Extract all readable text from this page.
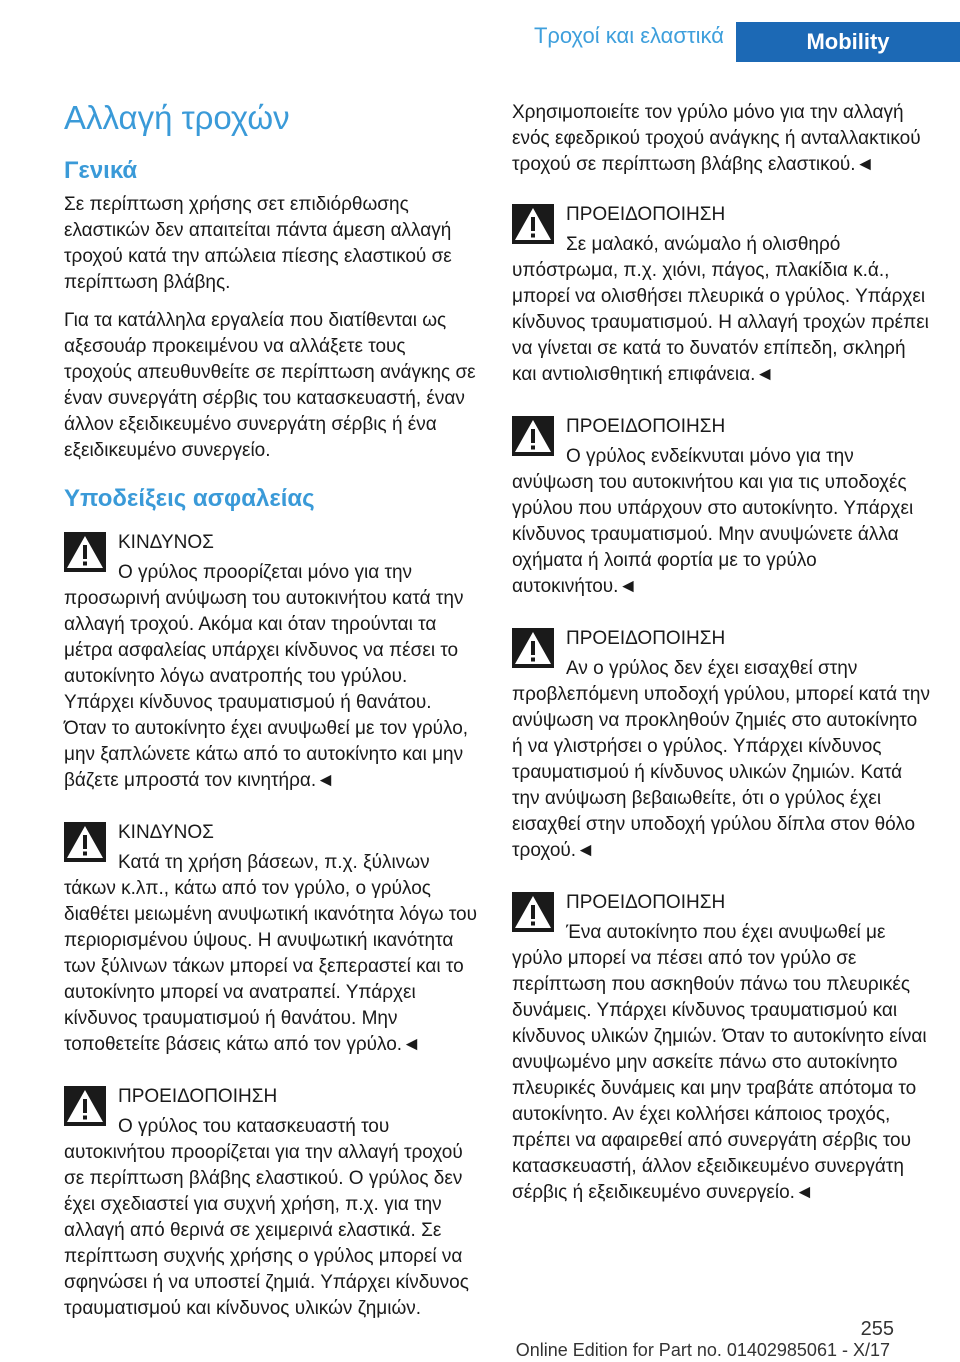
Τροχοί και ελαστικά	Mobility
Αλλαγή τροχών
Γενικά

Σε περίπτωση χρήσης σετ επιδιόρθωσης ελαστικών δεν απαιτείται πάντα άμεση αλλαγή τροχού κατά την απώλεια πίεσης ελαστικού σε περίπτωση βλάβης.

Για τα κατάλληλα εργαλεία που διατίθενται ως αξεσουάρ προκειμένου να αλλάξετε τους τροχούς απευθυνθείτε σε περίπτωση ανάγκης σε έναν συνεργάτη σέρβις του κατασκευαστή, έναν άλλον εξειδικευμένο συνεργάτη σέρβις ή ένα εξειδικευμένο συνεργείο.

Υποδείξεις ασφαλείας
ΚΙΝΔΥΝΟΣ

Ο γρύλος προορίζεται μόνο για την προσωρινή ανύψωση του αυτοκινήτου κατά την αλλαγή τροχού. Ακόμα και όταν τηρούνται τα μέτρα ασφαλείας υπάρχει κίνδυνος να πέσει το αυτοκίνητο λόγω ανατροπής του γρύλου. Υπάρχει κίνδυνος τραυματισμού ή θανάτου. Όταν το αυτοκίνητο έχει ανυψωθεί με τον γρύλο, μην ξαπλώνετε κάτω από το αυτοκίνητο και μην βάζετε μπροστά τον κινητήρα.◄

ΚΙΝΔΥΝΟΣ

Κατά τη χρήση βάσεων, π.χ. ξύλινων τάκων κ.λπ., κάτω από τον γρύλο, ο γρύλος διαθέτει μειωμένη ανυψωτική ικανότητα λόγω του περιορισμένου ύψους. Η ανυψωτική ικανότητα των ξύλινων τάκων μπορεί να ξεπεραστεί και το αυτοκίνητο μπορεί να ανατραπεί. Υπάρχει κίνδυνος τραυματισμού ή θανάτου. Μην τοποθετείτε βάσεις κάτω από τον γρύλο.◄

ΠΡΟΕΙΔΟΠΟΙΗΣΗ

Ο γρύλος του κατασκευαστή του αυτοκινήτου προορίζεται για την αλλαγή τροχού σε περίπτωση βλάβης ελαστικού. Ο γρύλος δεν έχει σχεδιαστεί για συχνή χρήση, π.χ. για την αλλαγή από θερινά σε χειμερινά ελαστικά. Σε περίπτωση συχνής χρήσης ο γρύλος μπορεί να σφηνώσει ή να υποστεί ζημιά. Υπάρχει κίνδυνος τραυματισμού και κίνδυνος υλικών ζημιών.

Χρησιμοποιείτε τον γρύλο μόνο για την αλλαγή ενός εφεδρικού τροχού ανάγκης ή ανταλλακτικού τροχού σε περίπτωση βλάβης ελαστικού.◄

ΠΡΟΕΙΔΟΠΟΙΗΣΗ

Σε μαλακό, ανώμαλο ή ολισθηρό υπόστρωμα, π.χ. χιόνι, πάγος, πλακίδια κ.ά., μπορεί να ολισθήσει πλευρικά ο γρύλος. Υπάρχει κίνδυνος τραυματισμού. Η αλλαγή τροχών πρέπει να γίνεται σε κατά το δυνατόν επίπεδη, σκληρή και αντιολισθητική επιφάνεια.◄

ΠΡΟΕΙΔΟΠΟΙΗΣΗ

Ο γρύλος ενδείκνυται μόνο για την ανύψωση του αυτοκινήτου και για τις υποδοχές γρύλου που υπάρχουν στο αυτοκίνητο. Υπάρχει κίνδυνος τραυματισμού. Μην ανυψώνετε άλλα οχήματα ή λοιπά φορτία με το γρύλο αυτοκινήτου.◄

ΠΡΟΕΙΔΟΠΟΙΗΣΗ

Αν ο γρύλος δεν έχει εισαχθεί στην προβλεπόμενη υποδοχή γρύλου, μπορεί κατά την ανύψωση να προκληθούν ζημιές στο αυτοκίνητο ή να γλιστρήσει ο γρύλος. Υπάρχει κίνδυνος τραυματισμού ή κίνδυνος υλικών ζημιών. Κατά την ανύψωση βεβαιωθείτε, ότι ο γρύλος έχει εισαχθεί στην υποδοχή γρύλου δίπλα στον θόλο τροχού.◄

ΠΡΟΕΙΔΟΠΟΙΗΣΗ

Ένα αυτοκίνητο που έχει ανυψωθεί με γρύλο μπορεί να πέσει από τον γρύλο σε περίπτωση που ασκηθούν πάνω του πλευρικές δυνάμεις. Υπάρχει κίνδυνος τραυματισμού και κίνδυνος υλικών ζημιών. Όταν το αυτοκίνητο είναι ανυψωμένο μην ασκείτε πάνω στο αυτοκίνητο πλευρικές δυνάμεις και μην τραβάτε απότομα το αυτοκίνητο. Αν έχει κολλήσει κάποιος τροχός, πρέπει να αφαιρεθεί από συνεργάτη σέρβις του κατασκευαστή, άλλον εξειδικευμένο συνεργάτη σέρβις ή εξειδικευμένο συνεργείο.◄

255
Online Edition for Part no. 01402985061 - X/17
